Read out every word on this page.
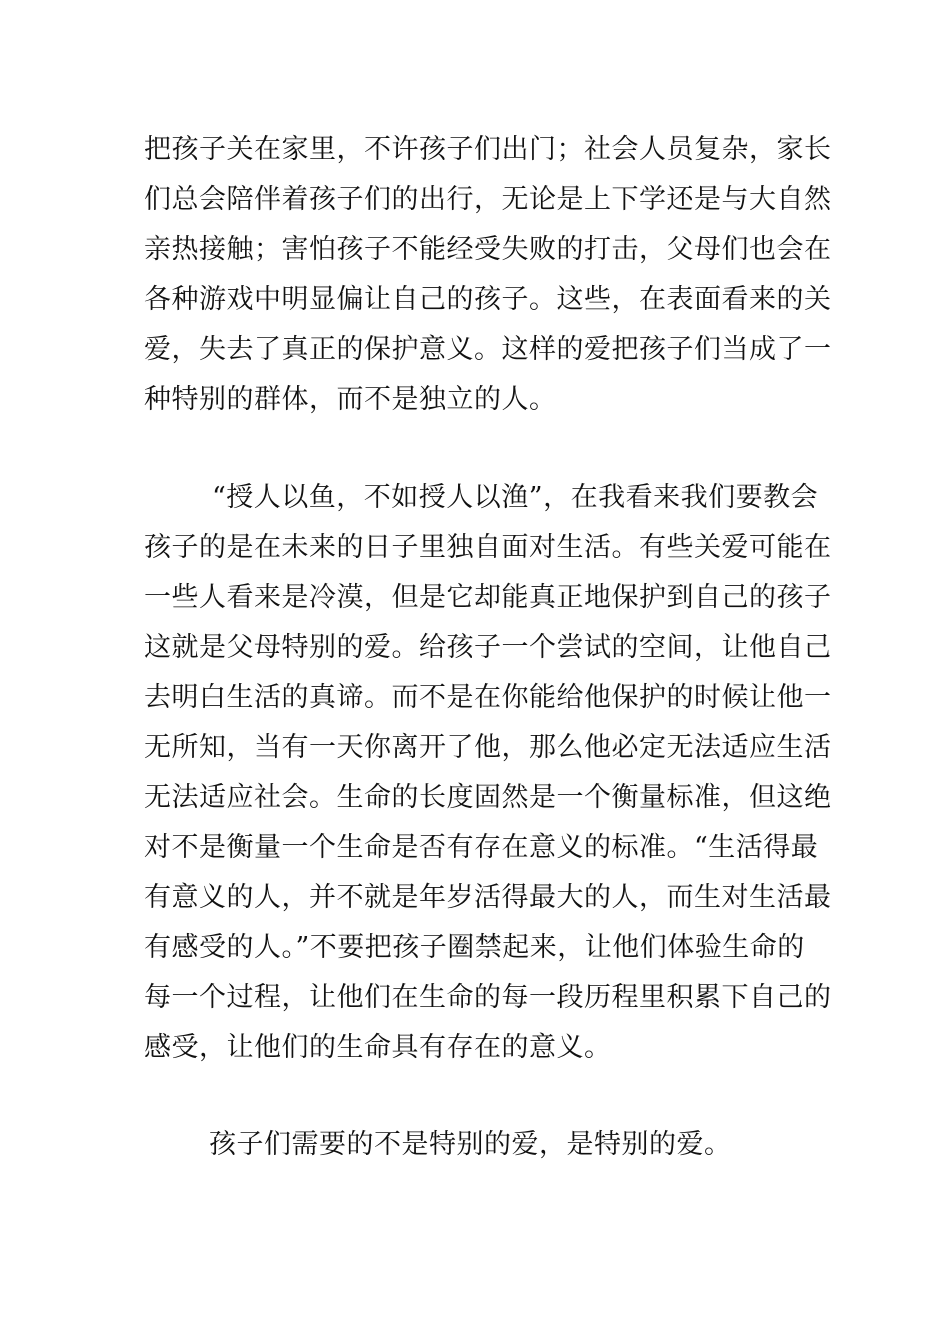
把孩子关在家里，不许孩子们出门；社会人员复杂，家长
们总会陪伴着孩子们的出行，无论是上下学还是与大自然
亲热接触；害怕孩子不能经受失败的打击，父母们也会在
各种游戏中明显偏让自己的孩子。这些，在表面看来的关
爱，失去了真正的保护意义。这样的爱把孩子们当成了一
种特别的群体，而不是独立的人。
“授人以鱼，不如授人以渔”，在我看来我们要教会
孩子的是在未来的日子里独自面对生活。有些关爱可能在
一些人看来是冷漠，但是它却能真正地保护到自己的孩子
这就是父母特别的爱。给孩子一个尝试的空间，让他自己
去明白生活的真谛。而不是在你能给他保护的时候让他一
无所知，当有一天你离开了他，那么他必定无法适应生活
无法适应社会。生命的长度固然是一个衡量标准，但这绝
对不是衡量一个生命是否有存在意义的标准。“生活得最
有意义的人，并不就是年岁活得最大的人，而生对生活最
有感受的人。”不要把孩子圈禁起来，让他们体验生命的
每一个过程，让他们在生命的每一段历程里积累下自己的
感受，让他们的生命具有存在的意义。
孩子们需要的不是特别的爱，是特别的爱。
